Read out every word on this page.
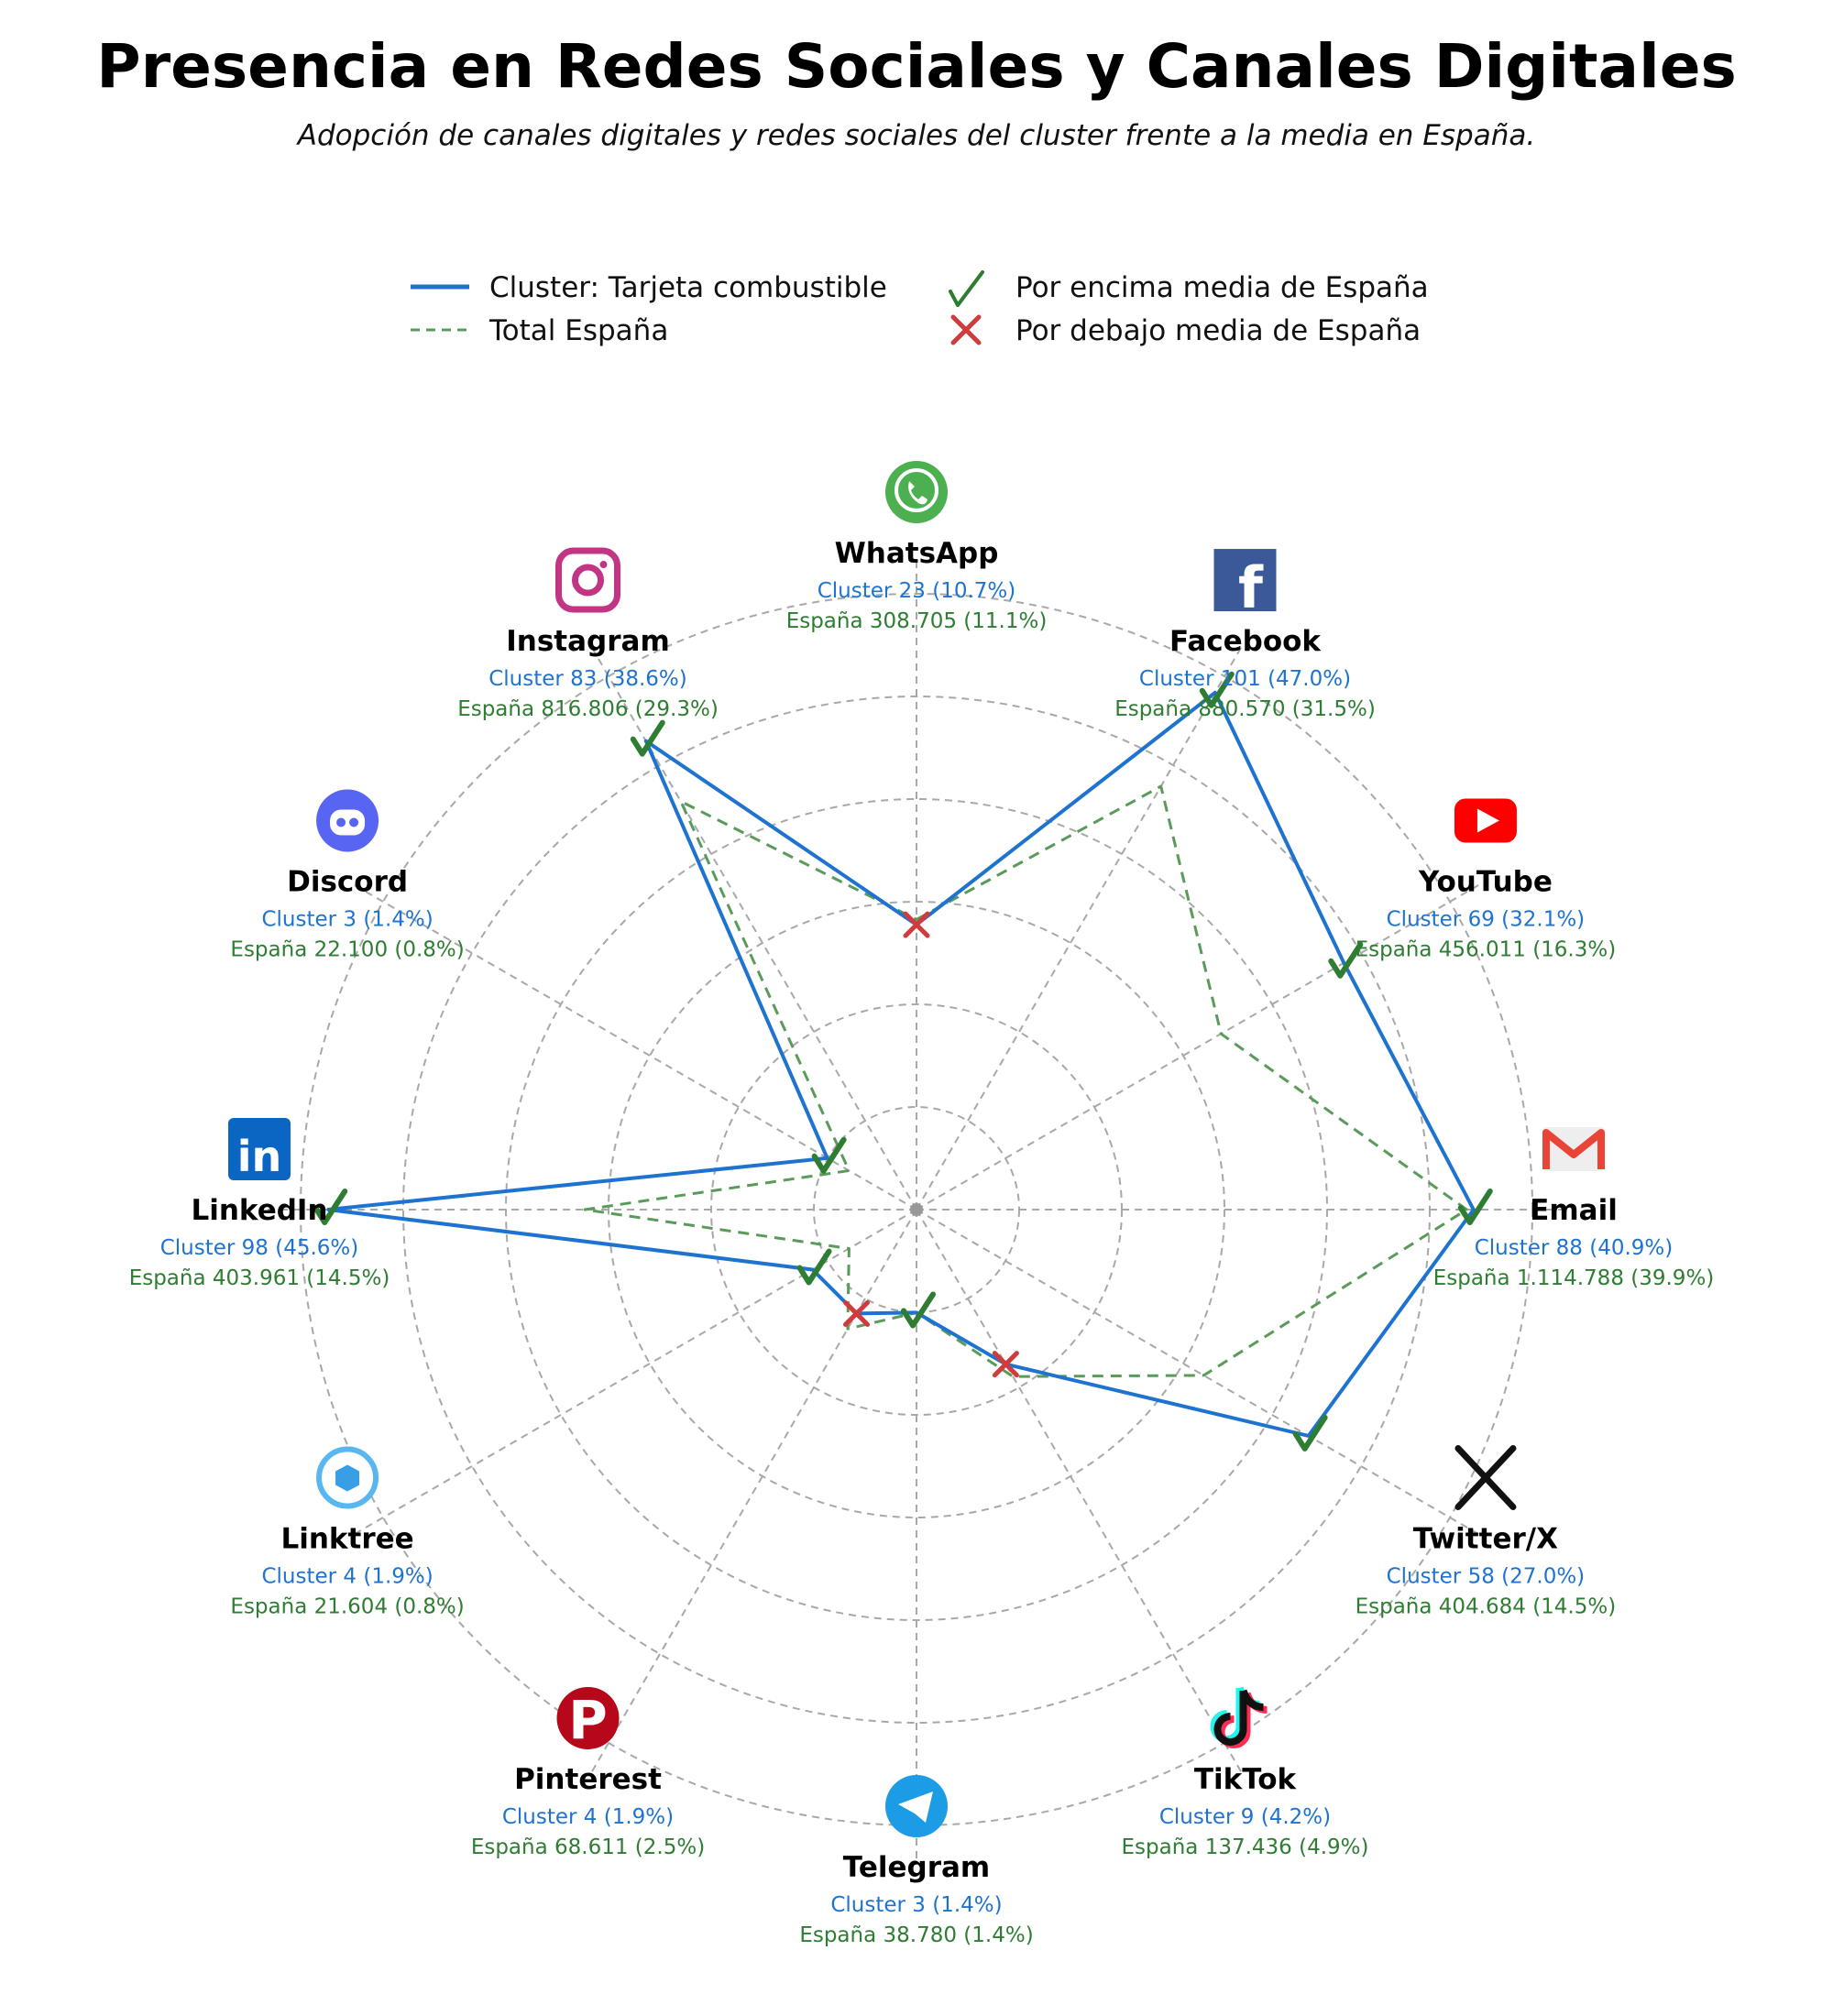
Presencia en Redes Sociales y Canales Digitales
Adopción de canales digitales y redes sociales del cluster frente a la media en España.
Cluster: Tarjeta combustible
Total España
Por encima media de España
Por debajo media de España
WhatsApp
Cluster 23 (10.7%)
España 308.705 (11.1%)	f
Facebook
Cluster 101 (47.0%)
España 880.570 (31.5%)
YouTube
Cluster 69 (32.1%)
España 456.011 (16.3%)
Email
Cluster 88 (40.9%)
España 1.114.788 (39.9%)
Twitter/X
Cluster 58 (27.0%)
España 404.684 (14.5%)
TikTok
Cluster 9 (4.2%)
España 137.436 (4.9%)
Telegram
Cluster 3 (1.4%)
España 38.780 (1.4%)
P
Pinterest
Cluster 4 (1.9%)
España 68.611 (2.5%)
Linktree
Cluster 4 (1.9%)
España 21.604 (0.8%)
in
LinkedIn
Cluster 98 (45.6%)
España 403.961 (14.5%)
Discord
Cluster 3 (1.4%)
España 22.100 (0.8%)
Instagram
Cluster 83 (38.6%)
España 816.806 (29.3%)
